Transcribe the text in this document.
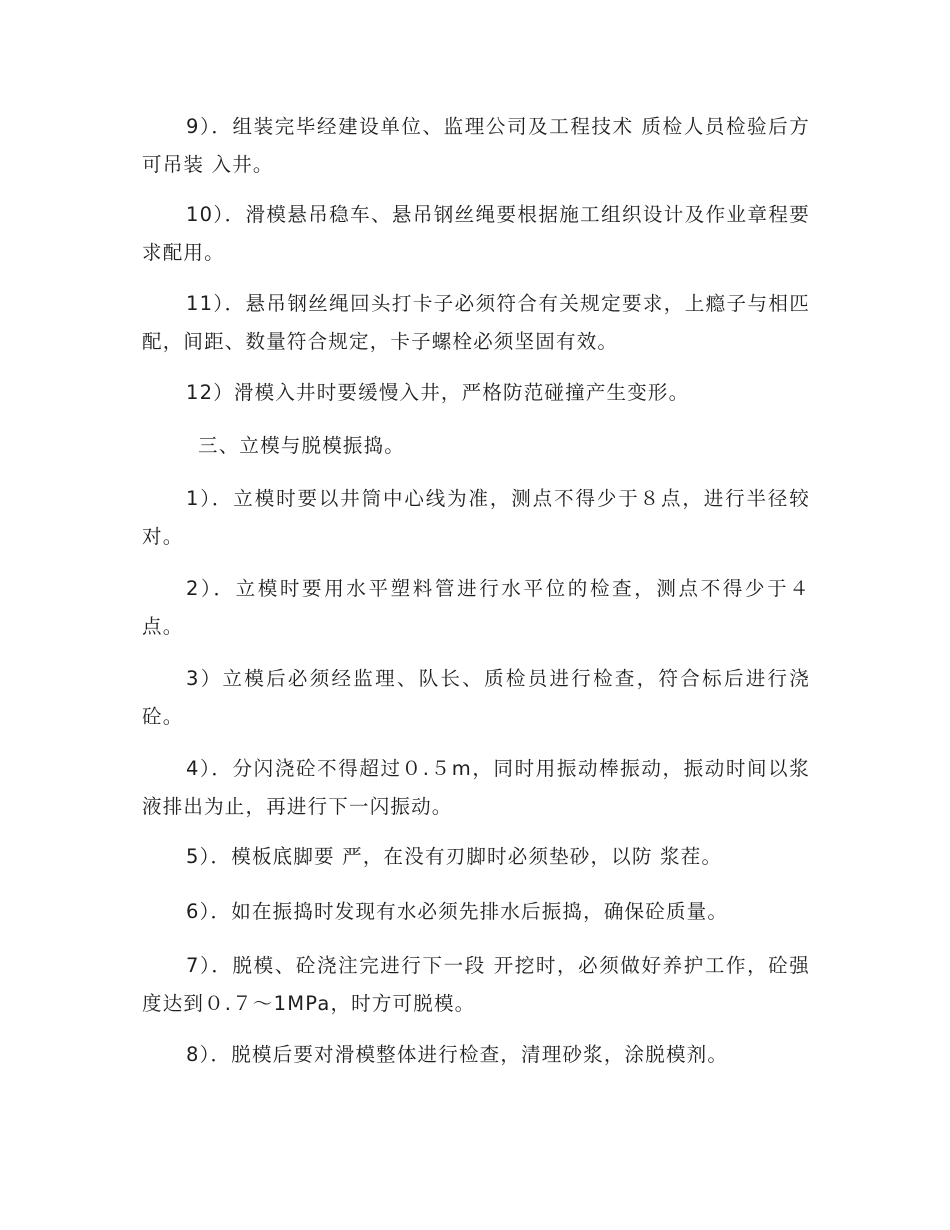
9）．组装完毕经建设单位、监理公司及工程技术 质检人员检验后方可吊装 入井。

10）．滑模悬吊稳车、悬吊钢丝绳要根据施工组织设计及作业章程要求配用。

11）．悬吊钢丝绳回头打卡子必须符合有关规定要求，上瘾子与相匹配，间距、数量符合规定，卡子螺栓必须坚固有效。

12）滑模入井时要缓慢入井，严格防范碰撞产生变形。

三、立模与脱模振捣。

1）．立模时要以井筒中心线为准，测点不得少于８点，进行半径较对。

2）．立模时要用水平塑料管进行水平位的检查，测点不得少于４点。

3）立模后必须经监理、队长、质检员进行检查，符合标后进行浇砼。

4）．分闪浇砼不得超过０.５m，同时用振动棒振动，振动时间以浆液排出为止，再进行下一闪振动。

5）．模板底脚要 严，在没有刃脚时必须垫砂，以防 浆茬。

6）．如在振捣时发现有水必须先排水后振捣，确保砼质量。

7）．脱模、砼浇注完进行下一段 开挖时，必须做好养护工作，砼强度达到０.７～1MPa，时方可脱模。

8）．脱模后要对滑模整体进行检查，清理砂浆，涂脱模剂。
